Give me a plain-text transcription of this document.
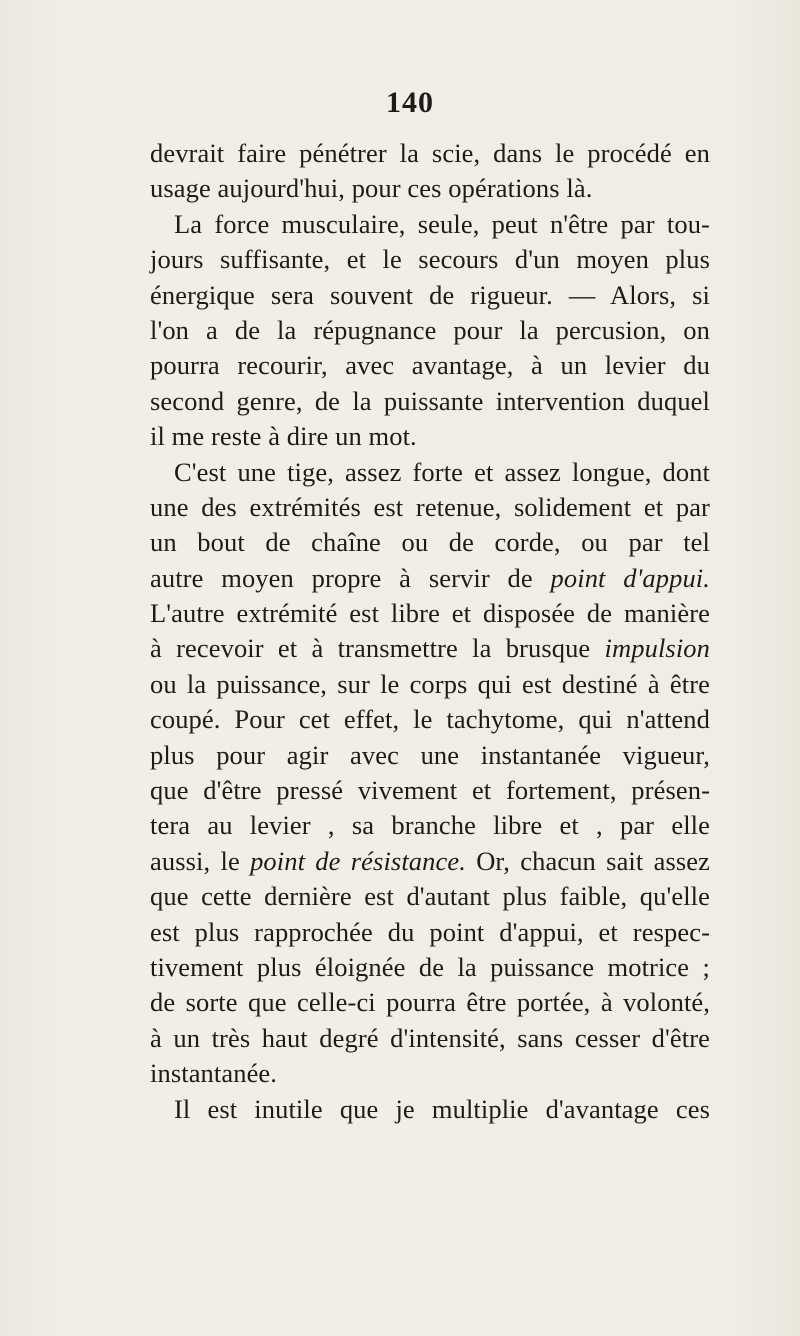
140
devrait faire pénétrer la scie, dans le procédé en
usage aujourd'hui, pour ces opérations là.
La force musculaire, seule, peut n'être par tou-
jours suffisante, et le secours d'un moyen plus
énergique sera souvent de rigueur. — Alors, si
l'on a de la répugnance pour la percusion, on
pourra recourir, avec avantage, à un levier du
second genre, de la puissante intervention duquel
il me reste à dire un mot.
C'est une tige, assez forte et assez longue, dont
une des extrémités est retenue, solidement et par
un bout de chaîne ou de corde, ou par tel
autre moyen propre à servir de point d'appui.
L'autre extrémité est libre et disposée de manière
à recevoir et à transmettre la brusque impulsion
ou la puissance, sur le corps qui est destiné à être
coupé. Pour cet effet, le tachytome, qui n'attend
plus pour agir avec une instantanée vigueur,
que d'être pressé vivement et fortement, présen-
tera au levier , sa branche libre et , par elle
aussi, le point de résistance. Or, chacun sait assez
que cette dernière est d'autant plus faible, qu'elle
est plus rapprochée du point d'appui, et respec-
tivement plus éloignée de la puissance motrice ;
de sorte que celle-ci pourra être portée, à volonté,
à un très haut degré d'intensité, sans cesser d'être
instantanée.
Il est inutile que je multiplie d'avantage ces
